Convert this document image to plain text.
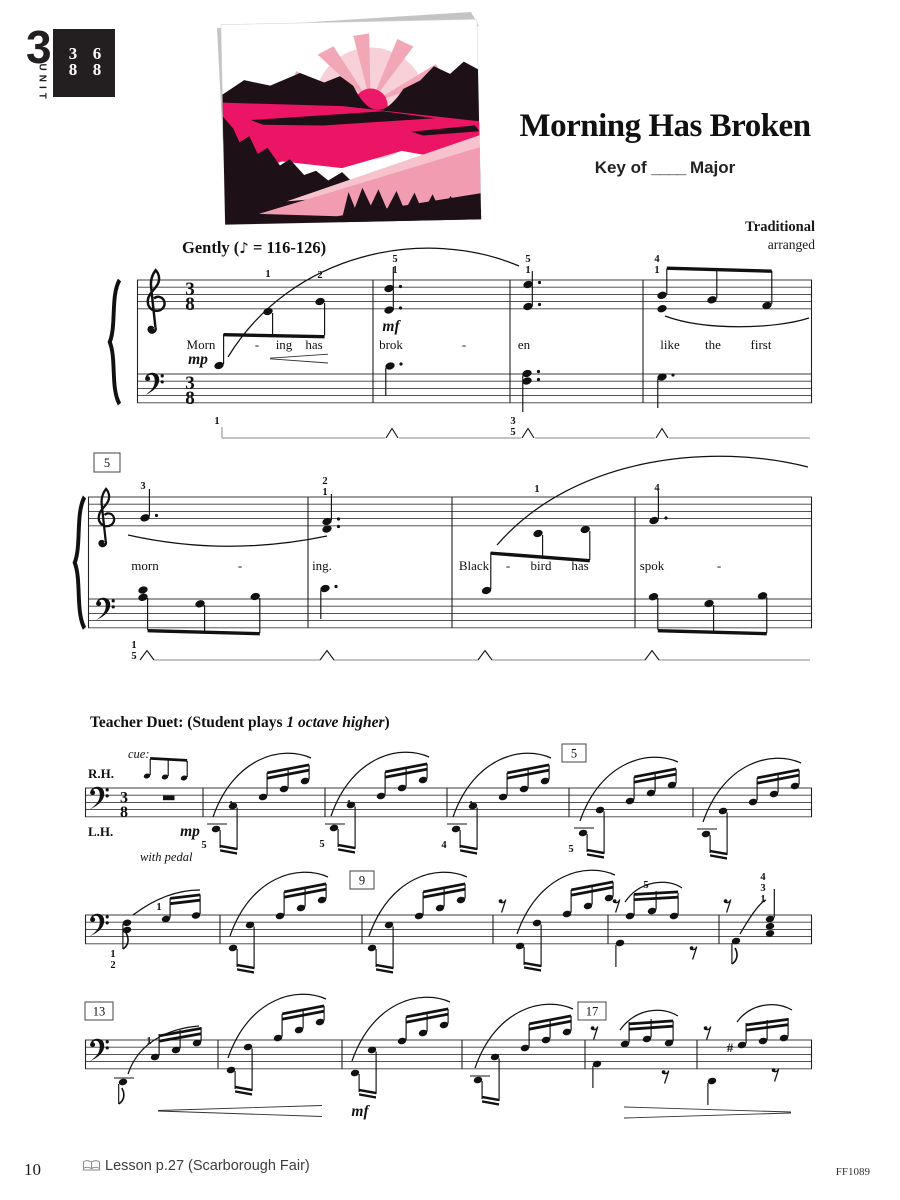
3
UNIT
3
8
6
8
Morning Has Broken
Key of ____ Major
Traditional
arranged
Gently (♪ = 116-126)
Teacher Duet: (Student plays 1 octave higher)
3
8
3
8
mp
mf
1	2
5
1
5
1
4
1
1	3
5
Morn	- ing has	brok	-	en	like the first
5
3	2
1	1	4
1
5
morn	-	ing.	Black - bird has	spok	-
3
8
5
cue:
R.H.
L.H.	mp
with pedal
1
5
1
5
1
4	5
9
1
2
1
5
4
3
1
13	17
#
1
mf
10	Lesson p.27 (Scarborough Fair)	FF1089
